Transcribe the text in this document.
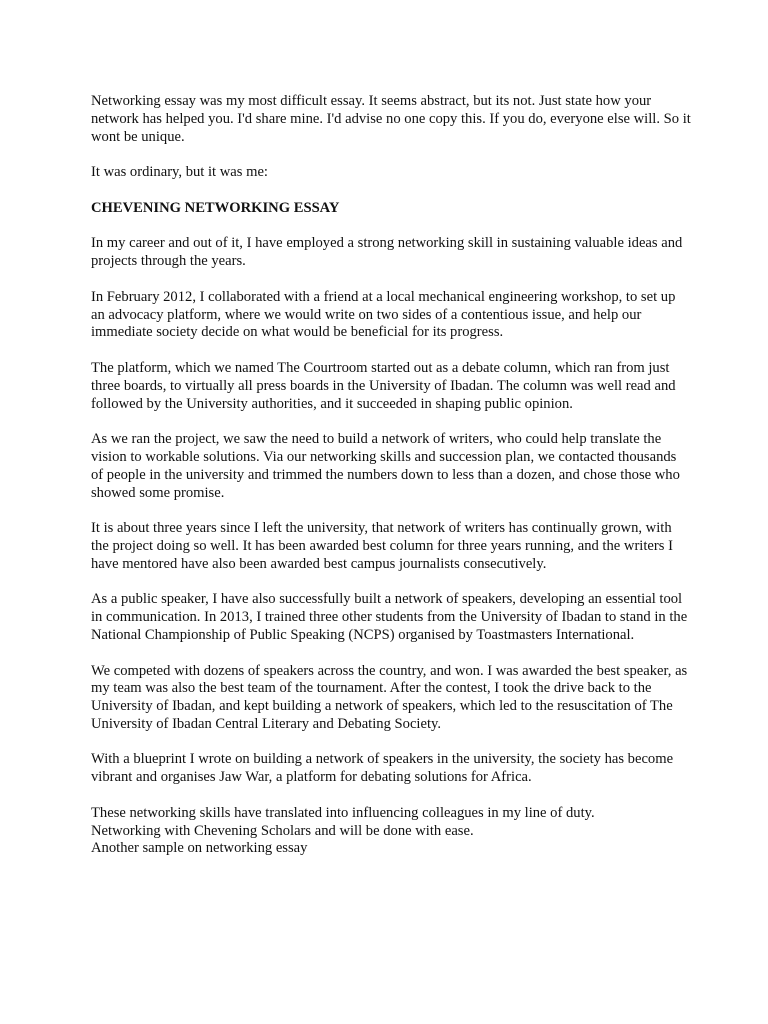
Networking essay was my most difficult essay. It seems abstract, but its not. Just state how your network has helped you. I'd share mine. I'd advise no one copy this. If you do, everyone else will. So it wont be unique.

It was ordinary, but it was me:

CHEVENING NETWORKING ESSAY

In my career and out of it, I have employed a strong networking skill in sustaining valuable ideas and projects through the years.

In February 2012, I collaborated with a friend at a local mechanical engineering workshop, to set up an advocacy platform, where we would write on two sides of a contentious issue, and help our immediate society decide on what would be beneficial for its progress.

The platform, which we named The Courtroom started out as a debate column, which ran from just three boards, to virtually all press boards in the University of Ibadan. The column was well read and followed by the University authorities, and it succeeded in shaping public opinion.

As we ran the project, we saw the need to build a network of writers, who could help translate the vision to workable solutions. Via our networking skills and succession plan, we contacted thousands of people in the university and trimmed the numbers down to less than a dozen, and chose those who showed some promise.

It is about three years since I left the university, that network of writers has continually grown, with the project doing so well. It has been awarded best column for three years running, and the writers I have mentored have also been awarded best campus journalists consecutively.

As a public speaker, I have also successfully built a network of speakers, developing an essential tool in communication. In 2013, I trained three other students from the University of Ibadan to stand in the National Championship of Public Speaking (NCPS) organised by Toastmasters International.

We competed with dozens of speakers across the country, and won. I was awarded the best speaker, as my team was also the best team of the tournament. After the contest, I took the drive back to the University of Ibadan, and kept building a network of speakers, which led to the resuscitation of The University of Ibadan Central Literary and Debating Society.

With a blueprint I wrote on building a network of speakers in the university, the society has become vibrant and organises Jaw War, a platform for debating solutions for Africa.

These networking skills have translated into influencing colleagues in my line of duty.

Networking with Chevening Scholars and will be done with ease.

Another sample on networking essay
